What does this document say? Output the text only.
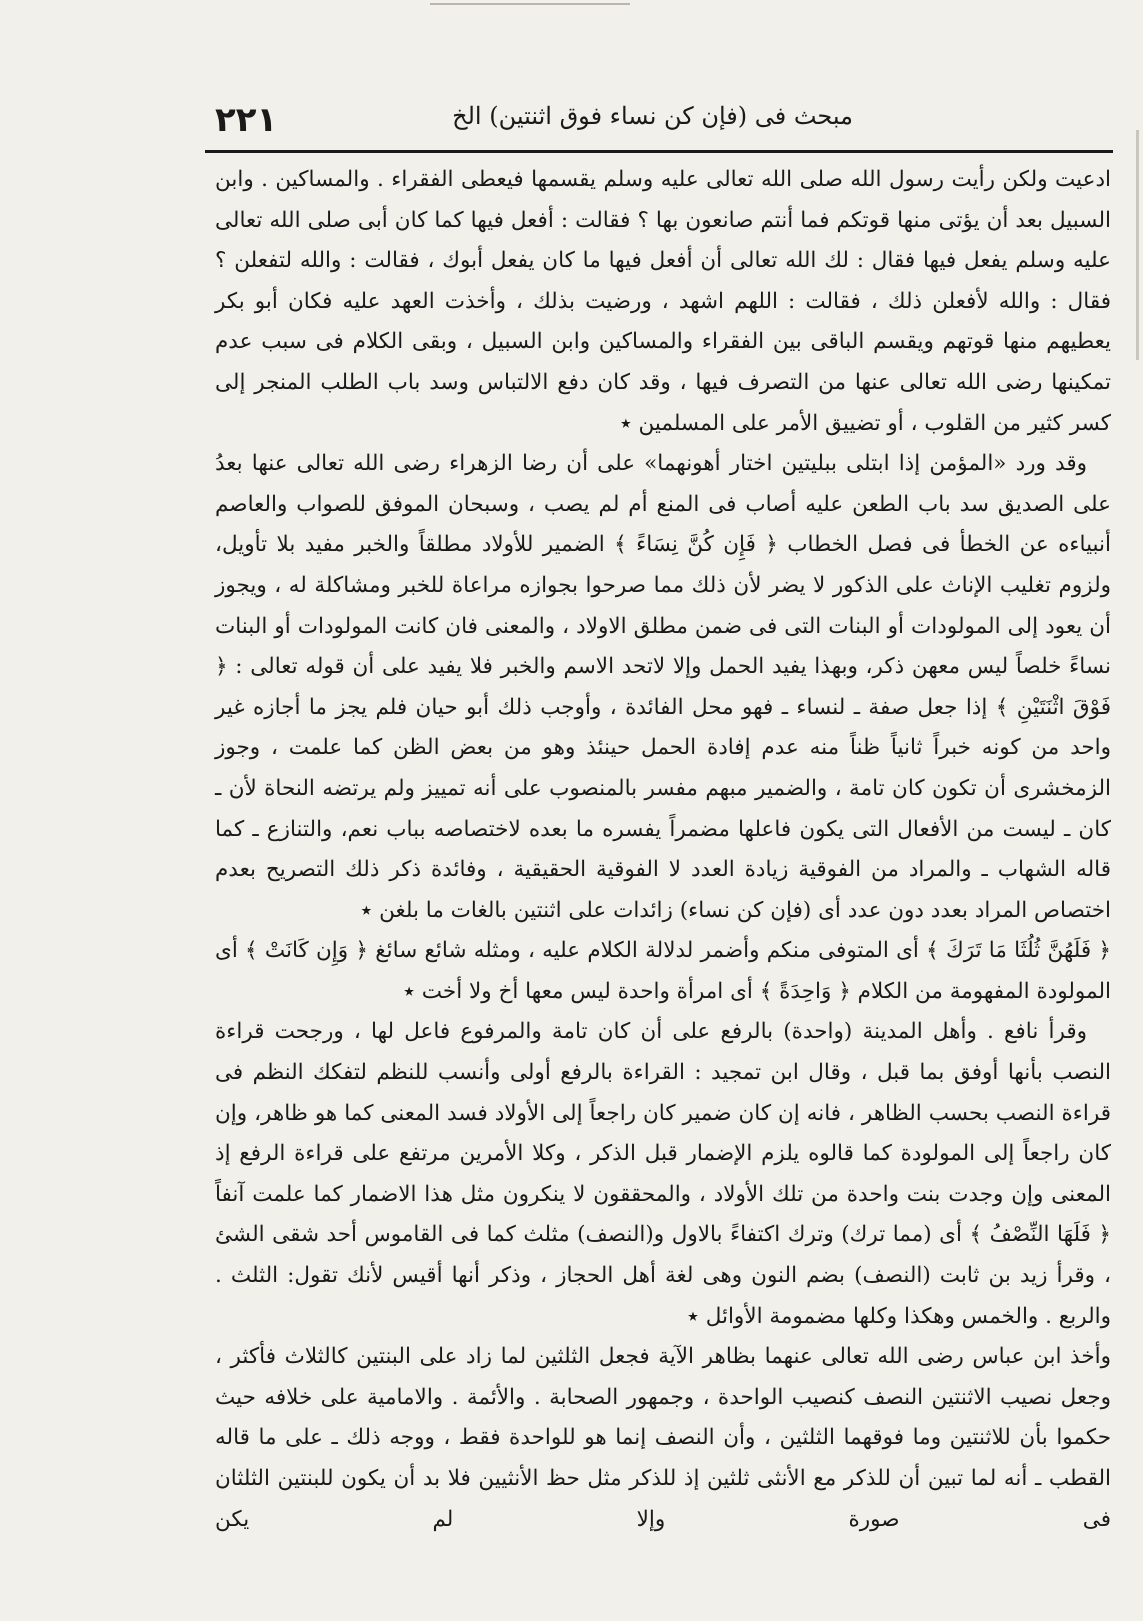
٢٢١	مبحث فى (فإن كن نساء فوق اثنتين) الخ

ادعيت ولكن رأيت رسول الله صلى الله تعالى عليه وسلم يقسمها فيعطى الفقراء . والمساكين . وابن السبيل بعد أن يؤتى منها قوتكم فما أنتم صانعون بها ؟ فقالت : أفعل فيها كما كان أبى صلى الله تعالى عليه وسلم يفعل فيها فقال : لك الله تعالى أن أفعل فيها ما كان يفعل أبوك ، فقالت : والله لتفعلن ؟ فقال : والله لأفعلن ذلك ، فقالت : اللهم اشهد ، ورضيت بذلك ، وأخذت العهد عليه فكان أبو بكر يعطيهم منها قوتهم ويقسم الباقى بين الفقراء والمساكين وابن السبيل ، وبقى الكلام فى سبب عدم تمكينها رضى الله تعالى عنها من التصرف فيها ، وقد كان دفع الالتباس وسد باب الطلب المنجر إلى كسر كثير من القلوب ، أو تضييق الأمر على المسلمين ٭

وقد ورد «المؤمن إذا ابتلى ببليتين اختار أهونهما» على أن رضا الزهراء رضى الله تعالى عنها بعدُ على الصديق سد باب الطعن عليه أصاب فى المنع أم لم يصب ، وسبحان الموفق للصواب والعاصم أنبياءه عن الخطأ فى فصل الخطاب ﴿ فَإِن كُنَّ نِسَاءً ﴾ الضمير للأولاد مطلقاً والخبر مفيد بلا تأويل، ولزوم تغليب الإناث على الذكور لا يضر لأن ذلك مما صرحوا بجوازه مراعاة للخبر ومشاكلة له ، ويجوز أن يعود إلى المولودات أو البنات التى فى ضمن مطلق الاولاد ، والمعنى فان كانت المولودات أو البنات نساءً خلصاً ليس معهن ذكر، وبهذا يفيد الحمل وإلا لاتحد الاسم والخبر فلا يفيد على أن قوله تعالى : ﴿ فَوْقَ اثْنَتَيْنِ ﴾ إذا جعل صفة ـ لنساء ـ فهو محل الفائدة ، وأوجب ذلك أبو حيان فلم يجز ما أجازه غير واحد من كونه خبراً ثانياً ظناً منه عدم إفادة الحمل حينئذ وهو من بعض الظن كما علمت ، وجوز الزمخشرى أن تكون كان تامة ، والضمير مبهم مفسر بالمنصوب على أنه تمييز ولم يرتضه النحاة لأن ـ كان ـ ليست من الأفعال التى يكون فاعلها مضمراً يفسره ما بعده لاختصاصه بباب نعم، والتنازع ـ كما قاله الشهاب ـ والمراد من الفوقية زيادة العدد لا الفوقية الحقيقية ، وفائدة ذكر ذلك التصريح بعدم اختصاص المراد بعدد دون عدد أى (فإن كن نساء) زائدات على اثنتين بالغات ما بلغن ٭

﴿ فَلَهُنَّ ثُلُثَا مَا تَرَكَ ﴾ أى المتوفى منكم وأضمر لدلالة الكلام عليه ، ومثله شائع سائغ ﴿ وَإِن كَانَتْ ﴾ أى المولودة المفهومة من الكلام ﴿ وَاحِدَةً ﴾ أى امرأة واحدة ليس معها أخ ولا أخت ٭

وقرأ نافع . وأهل المدينة (واحدة) بالرفع على أن كان تامة والمرفوع فاعل لها ، ورجحت قراءة النصب بأنها أوفق بما قبل ، وقال ابن تمجيد : القراءة بالرفع أولى وأنسب للنظم لتفكك النظم فى قراءة النصب بحسب الظاهر ، فانه إن كان ضمير كان راجعاً إلى الأولاد فسد المعنى كما هو ظاهر، وإن كان راجعاً إلى المولودة كما قالوه يلزم الإضمار قبل الذكر ، وكلا الأمرين مرتفع على قراءة الرفع إذ المعنى وإن وجدت بنت واحدة من تلك الأولاد ، والمحققون لا ينكرون مثل هذا الاضمار كما علمت آنفاً ﴿ فَلَهَا النِّصْفُ ﴾ أى (مما ترك) وترك اكتفاءً بالاول و(النصف) مثلث كما فى القاموس أحد شقى الشئ ، وقرأ زيد بن ثابت (النصف) بضم النون وهى لغة أهل الحجاز ، وذكر أنها أقيس لأنك تقول: الثلث . والربع . والخمس وهكذا وكلها مضمومة الأوائل ٭

وأخذ ابن عباس رضى الله تعالى عنهما بظاهر الآية فجعل الثلثين لما زاد على البنتين كالثلاث فأكثر ، وجعل نصيب الاثنتين النصف كنصيب الواحدة ، وجمهور الصحابة . والأئمة . والامامية على خلافه حيث حكموا بأن للاثنتين وما فوقهما الثلثين ، وأن النصف إنما هو للواحدة فقط ، ووجه ذلك ـ على ما قاله القطب ـ أنه لما تبين أن للذكر مع الأنثى ثلثين إذ للذكر مثل حظ الأنثيين فلا بد أن يكون للبنتين الثلثان فى صورة وإلا لم يكن
